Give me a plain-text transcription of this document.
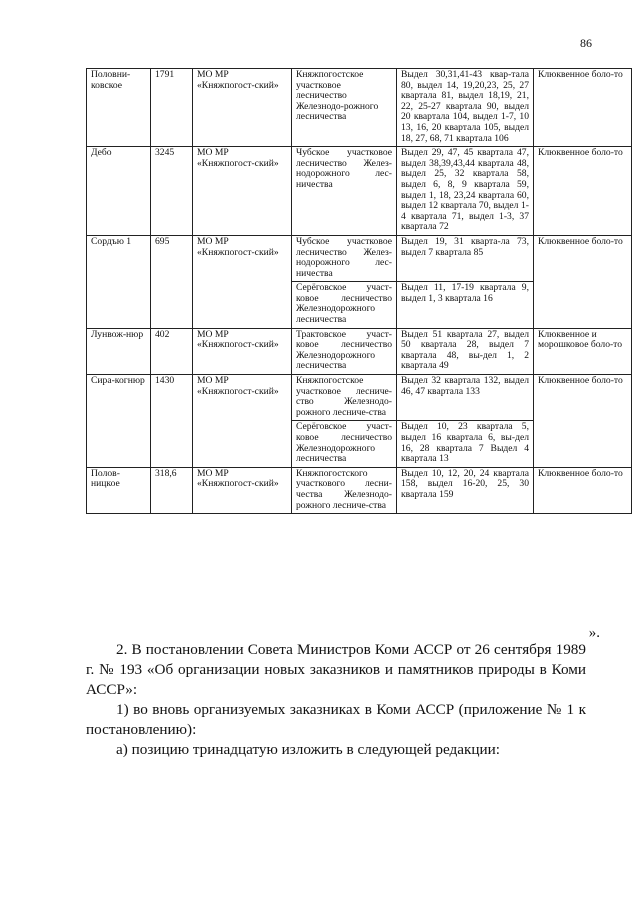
86
Половни-ковское	1791	МО МР «Княжпогост-ский»	Княжпогостское участковое лесничество Железнодо-рожного лесничества	Выдел 30,31,41-43 квар-тала 80, выдел 14, 19,20,23, 25, 27 квартала 81, выдел 18,19, 21, 22, 25-27 квартала 90, выдел 20 квартала 104, выдел 1-7, 10 13, 16, 20 квартала 105, выдел 18, 27, 68, 71 квартала 106	Клюквенное боло-то
Дебо	3245	МО МР «Княжпогост-ский»	Чубское участковое лесничество Желез-нодорожного лес-ничества	Выдел 29, 47, 45 квартала 47, выдел 38,39,43,44 квартала 48, выдел 25, 32 квартала 58, выдел 6, 8, 9 квартала 59, выдел 1, 18, 23,24 квартала 60, выдел 12 квартала 70, выдел 1-4 квартала 71, выдел 1-3, 37 квартала 72	Клюквенное боло-то
Сордъю 1	695	МО МР «Княжпогост-ский»	Чубское участковое лесничество Желез-нодорожного лес-ничества	Выдел 19, 31 кварта-ла 73, выдел 7 квартала 85	Клюквенное боло-то
			Серёговское участ-ковое лесничество Железнодорожного лесничества	Выдел 11, 17-19 квартала 9, выдел 1, 3 квартала 16	
Лунвож-нюр	402	МО МР «Княжпогост-ский»	Трактовское участ-ковое лесничество Железнодорожного лесничества	Выдел 51 квартала 27, выдел 50 квартала 28, выдел 7 квартала 48, вы-дел 1, 2 квартала 49	Клюквенное и морошковое боло-то
Сира-когнюр	1430	МО МР «Княжпогост-ский»	Княжпогостское участковое лесниче-ство Железнодо-рожного лесниче-ства	Выдел 32 квартала 132, выдел 46, 47 квартала 133	Клюквенное боло-то
			Серёговское участ-ковое лесничество Железнодорожного лесничества	Выдел 10, 23 квартала 5, выдел 16 квартала 6, вы-дел 16, 28 квартала 7 Выдел 4 квартала 13	
Полов-ницкое	318,6	МО МР «Княжпогост-ский»	Княжпогостского участкового лесни-чества Железнодо-рожного лесниче-ства	Выдел 10, 12, 20, 24 квартала 158, выдел 16-20, 25, 30 квартала 159	Клюквенное боло-то
».

2. В постановлении Совета Министров Коми АССР от 26 сентября 1989 г. № 193 «Об организации новых заказников и памятников природы в Коми АССР»:

1) во вновь организуемых заказниках в Коми АССР (приложение № 1 к постановлению):

а) позицию тринадцатую изложить в следующей редакции:
